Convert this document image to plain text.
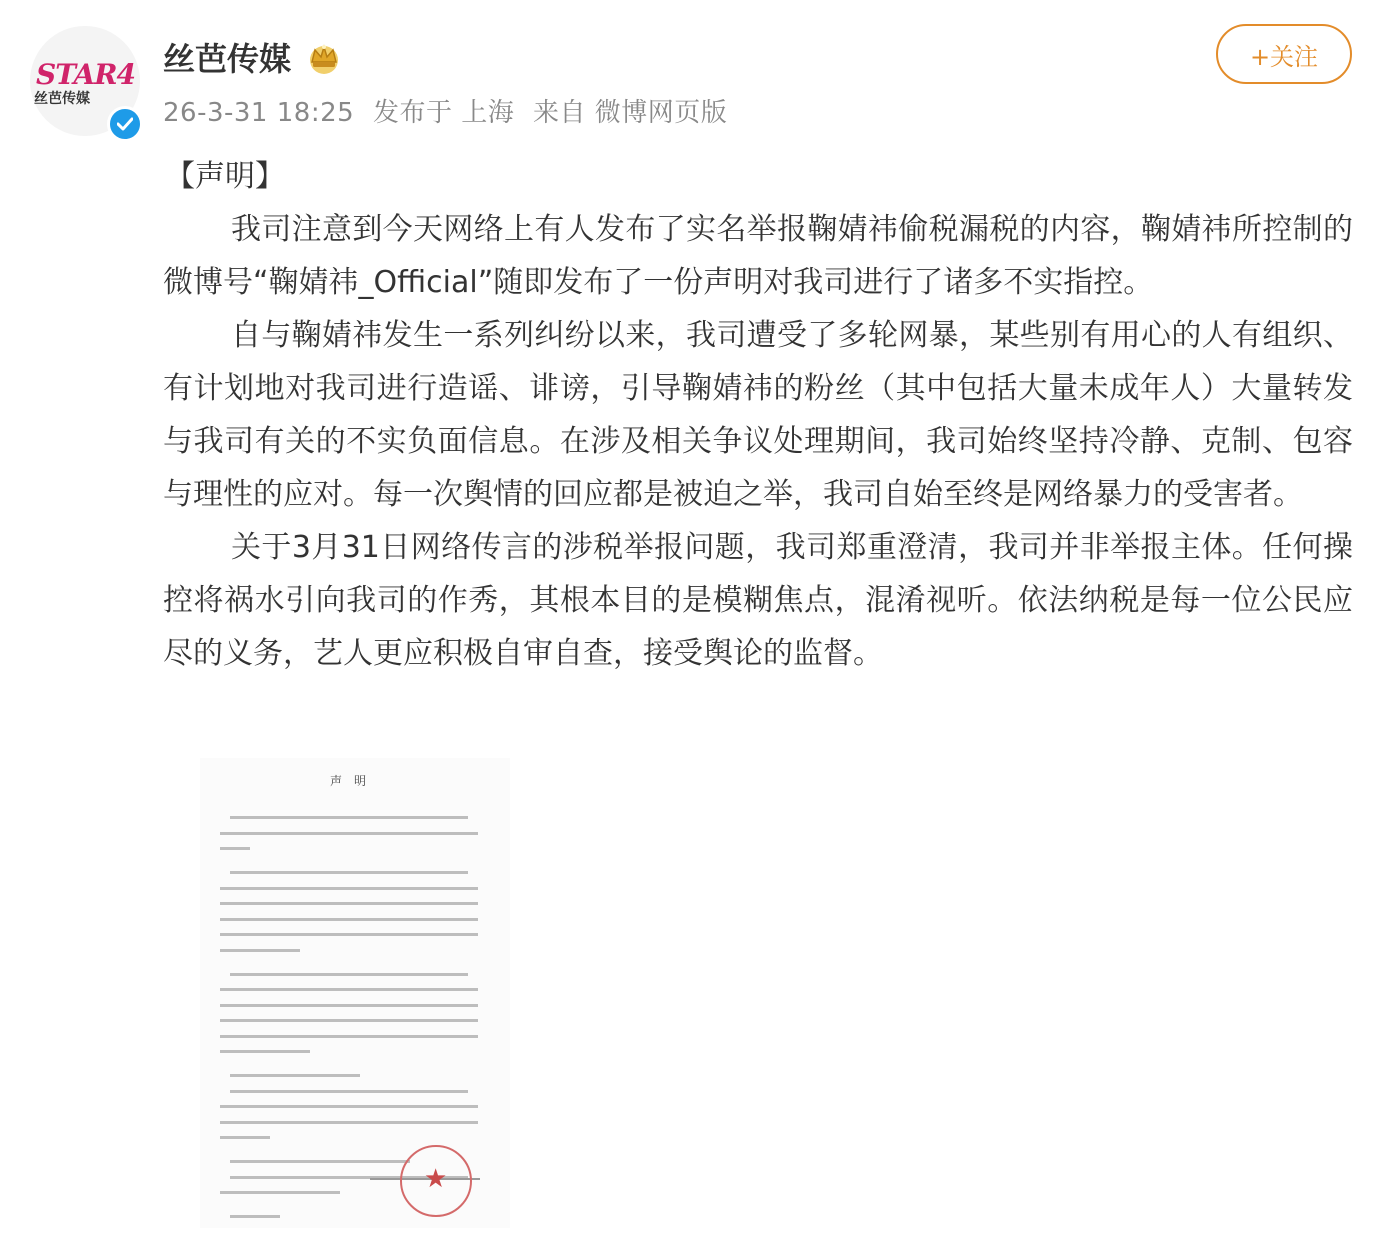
STAR4
丝芭传媒
丝芭传媒
26-3-31 18:25 发布于 上海 来自 微博网页版
+关注
【声明】

我司注意到今天网络上有人发布了实名举报鞠婧祎偷税漏税的内容，鞠婧祎所控制的微博号“鞠婧祎_Official”随即发布了一份声明对我司进行了诸多不实指控。

自与鞠婧祎发生一系列纠纷以来，我司遭受了多轮网暴，某些别有用心的人有组织、有计划地对我司进行造谣、诽谤，引导鞠婧祎的粉丝（其中包括大量未成年人）大量转发与我司有关的不实负面信息。在涉及相关争议处理期间，我司始终坚持冷静、克制、包容与理性的应对。每一次舆情的回应都是被迫之举，我司自始至终是网络暴力的受害者。

关于3月31日网络传言的涉税举报问题，我司郑重澄清，我司并非举报主体。任何操控将祸水引向我司的作秀，其根本目的是模糊焦点，混淆视听。依法纳税是每一位公民应尽的义务，艺人更应积极自审自查，接受舆论的监督。

声明
★
